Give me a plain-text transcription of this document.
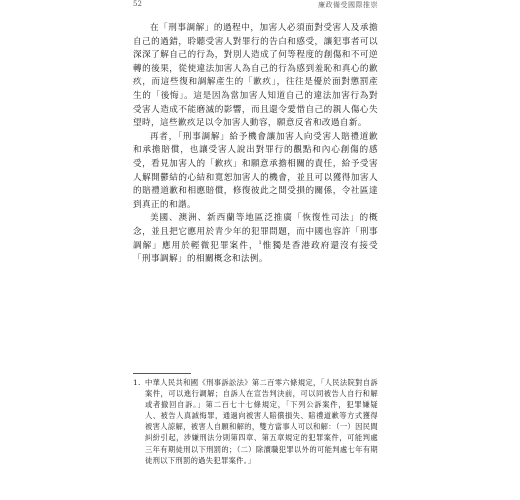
52	廉政備受國際推崇

在「刑事調解」的過程中，加害人必須面對受害人及承擔自己的過錯，聆聽受害人對罪行的告白和感受，讓犯事者可以深深了解自己的行為，對別人造成了何等程度的創傷和不可逆轉的後果，從使違法加害人為自己的行為感到羞恥和真心的歉疚，而這些復和調解產生的「歉疚」，往往是優於面對懲罰產生的「後悔」。這是因為當加害人知道自己的違法加害行為對受害人造成不能磨滅的影響，而且還令愛惜自己的親人傷心失望時，這些歉疚足以令加害人動容，願意反省和改過自新。

再者，「刑事調解」給予機會讓加害人向受害人賠禮道歉和承擔賠償，也讓受害人說出對罪行的觀點和內心創傷的感受，看見加害人的「歉疚」和願意承擔相關的責任，給予受害人解開鬱結的心結和寬恕加害人的機會，並且可以獲得加害人的賠禮道歉和相應賠償，修復彼此之間受損的關係，令社區達到真正的和諧。

美國、澳洲、新西蘭等地區泛推廣「恢復性司法」的概念，並且把它應用於青少年的犯罪問題，而中國也容許「刑事調解」應用於輕微犯罪案件，$^1$惟獨是香港政府還沒有接受「刑事調解」的相關概念和法例。

1. 中華人民共和國《刑事訴訟法》第二百零六條規定，「人民法院對自訴案件，可以進行調解；自訴人在宣告判決前，可以同被告人自行和解或者撤回自訴。」第二百七十七條規定，「下列公訴案件，犯罪嫌疑人、被告人真誠悔罪，通過向被害人賠償損失、賠禮道歉等方式獲得被害人諒解，被害人自願和解的，雙方當事人可以和解：（一）因民間糾紛引起，涉嫌刑法分則第四章、第五章規定的犯罪案件，可能判處三年有期徒刑以下刑罰的；（二）除瀆職犯罪以外的可能判處七年有期徒刑以下刑罰的過失犯罪案件。」
